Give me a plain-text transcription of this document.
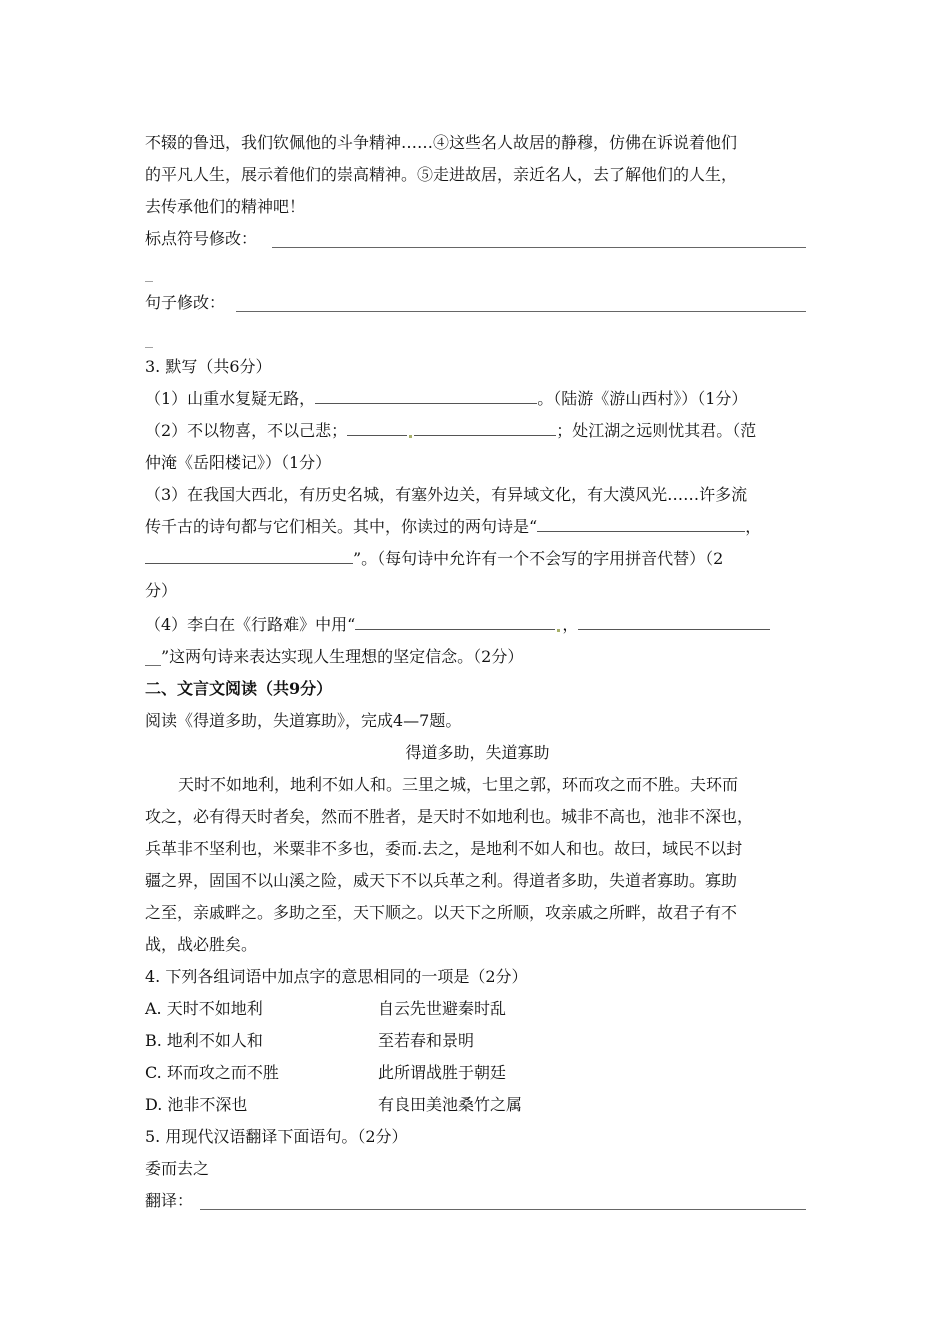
不辍的鲁迅，我们钦佩他的斗争精神……④这些名人故居的静穆，仿佛在诉说着他们
的平凡人生，展示着他们的崇高精神。⑤走进故居，亲近名人，去了解他们的人生，
去传承他们的精神吧！
标点符号修改：
_
句子修改：
_
3. 默写（共6分）
（1）山重水复疑无路，	。（陆游《游山西村》）（1分）
（2）不以物喜，不以己悲；	；处江湖之远则忧其君。（范
仲淹《岳阳楼记》）（1分）
（3）在我国大西北，有历史名城，有塞外边关，有异域文化，有大漠风光……许多流
传千古的诗句都与它们相关。其中，你读过的两句诗是“	，
”。（每句诗中允许有一个不会写的字用拼音代替）（2
分）
（4）李白在《行路难》中用“	，
__”这两句诗来表达实现人生理想的坚定信念。（2分）
二、文言文阅读（共9分）
阅读《得道多助，失道寡助》，完成4—7题。
得道多助，失道寡助
天时不如地利，地利不如人和。三里之城，七里之郭，环而攻之而不胜。夫环而
攻之，必有得天时者矣，然而不胜者，是天时不如地利也。城非不高也，池非不深也，
兵革非不坚利也，米粟非不多也，委而.去之，是地利不如人和也。故曰，域民不以封
疆之界，固国不以山溪之险，威天下不以兵革之利。得道者多助，失道者寡助。寡助
之至，亲戚畔之。多助之至，天下顺之。以天下之所顺，攻亲戚之所畔，故君子有不
战，战必胜矣。
4. 下列各组词语中加点字的意思相同的一项是（2分）
A. 天时不如地利	自云先世避秦时乱
B. 地利不如人和	至若春和景明
C. 环而攻之而不胜	此所谓战胜于朝廷
D. 池非不深也	有良田美池桑竹之属
5. 用现代汉语翻译下面语句。（2分）
委而去之
翻译：
